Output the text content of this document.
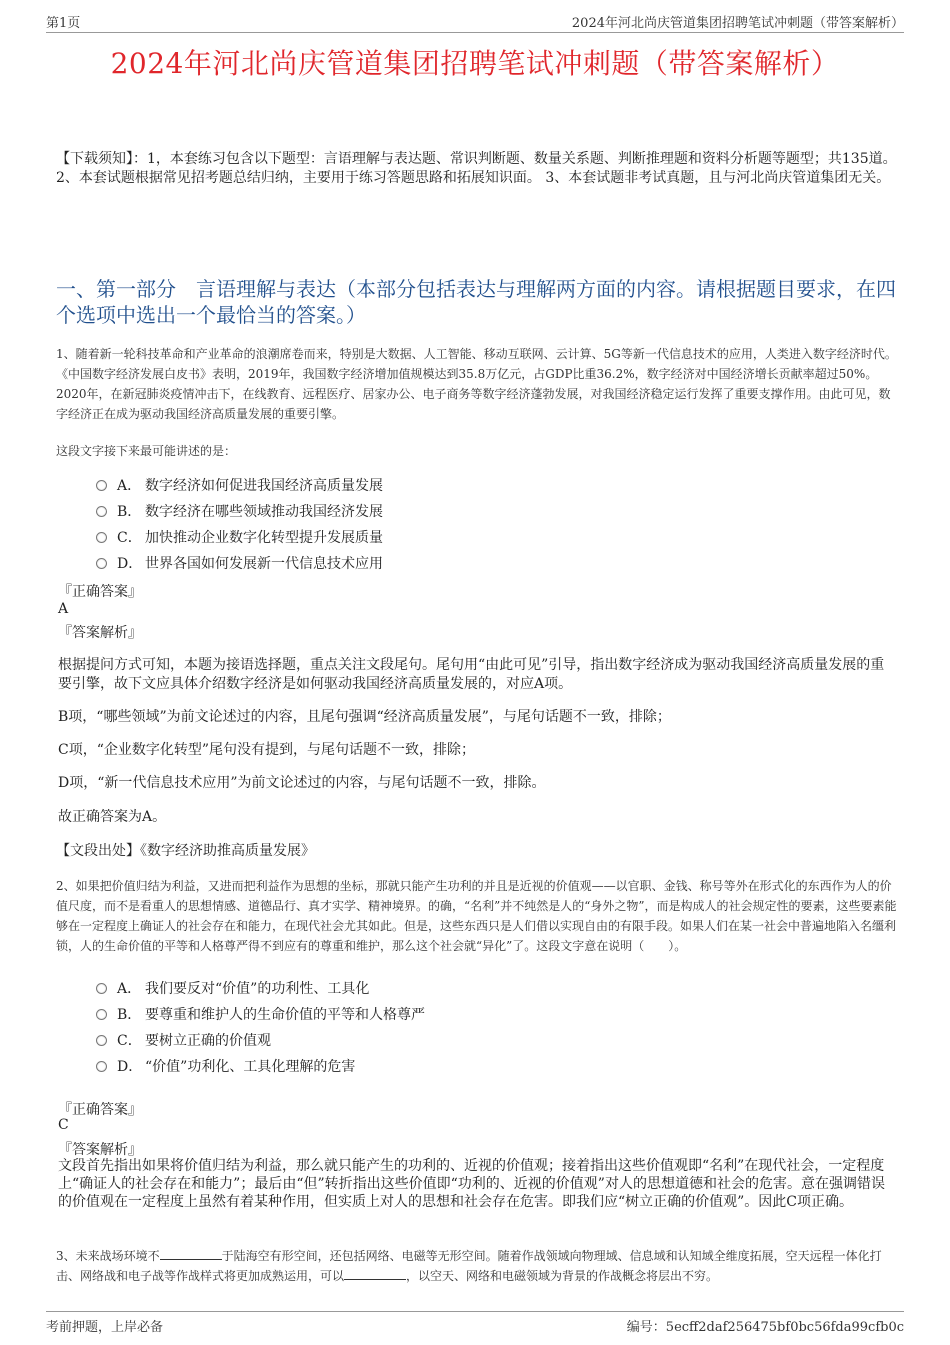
第1页	2024年河北尚庆管道集团招聘笔试冲刺题（带答案解析）
2024年河北尚庆管道集团招聘笔试冲刺题（带答案解析）
【下载须知】：1，本套练习包含以下题型：言语理解与表达题、常识判断题、数量关系题、判断推理题和资料分析题等题型；共135道。 2、本套试题根据常见招考题总结归纳，主要用于练习答题思路和拓展知识面。 3、本套试题非考试真题，且与河北尚庆管道集团无关。
一、第一部分　言语理解与表达（本部分包括表达与理解两方面的内容。请根据题目要求，在四个选项中选出一个最恰当的答案。）
1、随着新一轮科技革命和产业革命的浪潮席卷而来，特别是大数据、人工智能、移动互联网、云计算、5G等新一代信息技术的应用，人类进入数字经济时代。《中国数字经济发展白皮书》表明，2019年，我国数字经济增加值规模达到35.8万亿元，占GDP比重36.2%，数字经济对中国经济增长贡献率超过50%。2020年，在新冠肺炎疫情冲击下，在线教育、远程医疗、居家办公、电子商务等数字经济蓬勃发展，对我国经济稳定运行发挥了重要支撑作用。由此可见，数字经济正在成为驱动我国经济高质量发展的重要引擎。
这段文字接下来最可能讲述的是：
A． 数字经济如何促进我国经济高质量发展
B． 数字经济在哪些领域推动我国经济发展
C． 加快推动企业数字化转型提升发展质量
D． 世界各国如何发展新一代信息技术应用
『正确答案』
A
『答案解析』
根据提问方式可知，本题为接语选择题，重点关注文段尾句。尾句用“由此可见”引导，指出数字经济成为驱动我国经济高质量发展的重要引擎，故下文应具体介绍数字经济是如何驱动我国经济高质量发展的，对应A项。
B项，“哪些领域”为前文论述过的内容，且尾句强调“经济高质量发展”，与尾句话题不一致，排除；
C项，“企业数字化转型”尾句没有提到，与尾句话题不一致，排除；
D项，“新一代信息技术应用”为前文论述过的内容，与尾句话题不一致，排除。
故正确答案为A。
【文段出处】《数字经济助推高质量发展》
2、如果把价值归结为利益，又进而把利益作为思想的坐标，那就只能产生功利的并且是近视的价值观——以官职、金钱、称号等外在形式化的东西作为人的价值尺度，而不是看重人的思想情感、道德品行、真才实学、精神境界。的确，“名利”并不纯然是人的“身外之物”，而是构成人的社会规定性的要素，这些要素能够在一定程度上确证人的社会存在和能力，在现代社会尤其如此。但是，这些东西只是人们借以实现自由的有限手段。如果人们在某一社会中普遍地陷入名缰利锁，人的生命价值的平等和人格尊严得不到应有的尊重和维护，那么这个社会就“异化”了。这段文字意在说明（　　）。
A． 我们要反对“价值”的功利性、工具化
B． 要尊重和维护人的生命价值的平等和人格尊严
C． 要树立正确的价值观
D． “价值”功利化、工具化理解的危害
『正确答案』
C
『答案解析』
文段首先指出如果将价值归结为利益，那么就只能产生的功利的、近视的价值观；接着指出这些价值观即“名利”在现代社会，一定程度上“确证人的社会存在和能力”；最后由“但”转折指出这些价值即“功利的、近视的价值观”对人的思想道德和社会的危害。意在强调错误的价值观在一定程度上虽然有着某种作用，但实质上对人的思想和社会存在危害。即我们应“树立正确的价值观”。因此C项正确。
3、未来战场环境不	于陆海空有形空间，还包括网络、电磁等无形空间。随着作战领域向物理域、信息域和认知域全维度拓展，空天远程一体化打击、网络战和电子战等作战样式将更加成熟运用，可以	，以空天、网络和电磁领域为背景的作战概念将层出不穷。
考前押题，上岸必备	编号：5ecff2daf256475bf0bc56fda99cfb0c
